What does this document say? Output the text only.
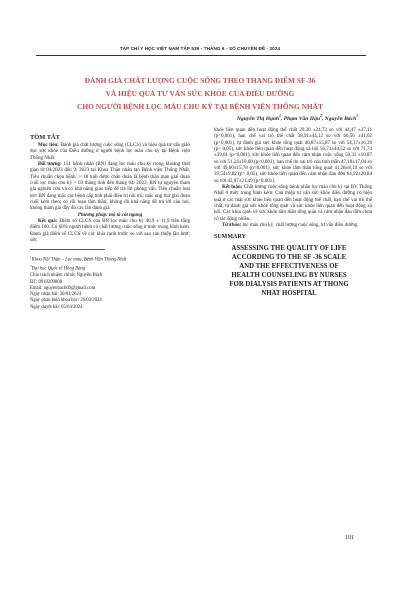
TẠP CHÍ Y HỌC VIỆT NAM TẬP 539 - THÁNG 6 - SỐ CHUYÊN ĐỀ - 2024
ĐÁNH GIÁ CHẤT LƯỢNG CUỘC SỐNG THEO THANG ĐIỂM SF-36
VÀ HIỆU QUẢ TƯ VẤN SỨC KHỎE CỦA ĐIỀU DƯỠNG
CHO NGƯỜI BỆNH LỌC MÁU CHU KỲ TẠI BỆNH VIỆN THỐNG NHẤT
Nguyễn Thị Hạnh$^1$, Phạm Văn Hậu$^2$, Nguyễn Bách$^1$
TÓM TẮT

Mục tiêu: Đánh giá chất lượng cuộc sống (CLCS) và hiệu quả tư vấn giáo dục sức khỏe của Điều dưỡng ở người bệnh lọc máu chu kỳ tại Bệnh viện Thống Nhất.

Đối tượng: 151 bệnh nhân (BN) đang lọc máu chu kỳ trong khoảng thời gian từ 04/2023 đến 9/ 2023 tại Khoa Thận nhân tạo Bệnh viện Thống Nhất. Tiêu chuẩn chọn bệnh: > 18 tuổi được chẩn đoán là bệnh thận mạn giai đoạn cuối lọc máu chu kỳ > 03 tháng tính đến tháng 04/ 2023. BN tự nguyện tham gia nghiên cứu và có khả năng giao tiếp để trả lời phỏng vấn. Tiêu chuẩn loại trừ: BN đang mắc các bệnh cấp tính phải điều trị nội trú; mắc ung thư giai đoạn cuối kèm theo; có rối loạn tâm thần; không đủ khả năng để trả lời câu hỏi, không tham gia đầy đủ các lần đánh giá.

Phương pháp: mô tả cắt ngang

Kết quả: Điểm số CLCS của BN lọc máu chu kỳ 46,9 ± 11,9 trên tổng điểm 100. Có 60% người bệnh có chất lượng cuộc sống ở mức trung bình kém. Đánh giá điểm số CLCS về các khía cạnh trước so với sau can thiệp lần lượt: sức

$^1$Khoa Nội Thận – Lọc máu, Bệnh Viện Thống Nhất

$^2$Đại học Quốc tế Hồng Bàng

Chịu trách nhiệm chính: Nguyễn Bách

ĐT: 0918209808

Email: nguyenbach69@gmail.com

Ngày nhận bài: 30/01/2024

Ngày phản biện khoa học: 29/03/2024

Ngày duyệt bài: 05/04/2024

khỏe liên quan đến hoạt động thể chất 29,30 ±24,73 so với 44,47 ±27,11 (p<0,001), hạn chế vai trò thể chất 38,91±44,12 so với 66,56 ±41,02 (p<0,001), tự đánh giá sức khỏe tổng quát 46,87±15,87 so với 54,37±16,39 (p< 0,05), sức khỏe liên quan đến hoạt động xã hội 56,73±44,52 so với 71,74 ±39,01 (p<0,001), sức khỏe liên quan đến cảm nhận cuộc sống 50,32 ±10,87 so với 51,24±10,60 (p<0,001), hạn chế do vai trò của tình thần 47,10±17,04 so với 49,00±15,78 (p<0,001), sức khỏe tâm thần tổng quát 41,28±8,19 so với 39,54±9,82 (p> 0,05), sức khỏe liên quan đến cảm nhận đau đớn 64,92±20,84 so với 42,07±21,49 (p<0,001).

Kết luận: Chất lượng cuộc sống bệnh nhân lọc máu chu kỳ tại BV Thống Nhất ở mức trung bình kém. Can thiệp tư vấn sức khỏe điều dưỡng có hiệu quả ở các mặt sức khỏe liên quan đến hoạt động thể chất, hạn chế vai trò thể chất, tự đánh giá sức khỏe tổng quát và sức khỏe liên quan đến hoạt động xã hội. Các khía cạnh về sức khỏe tâm thần tổng quát và cảm nhận đau đớn chưa có tác động nhiều.

Từ khóa: lọc máu chu kỳ, chất lượng cuộc sống, tư vấn điều dưỡng.

SUMMARY
ASSESSING THE QUALITY OF LIFE
ACCORDING TO THE SF -36 SCALE
AND THE EFFECTIVENESS OF
HEALTH COUNSELING BY NURSES
FOR DIALYSIS PATIENTS AT THONG
NHAT HOSPITAL
101
